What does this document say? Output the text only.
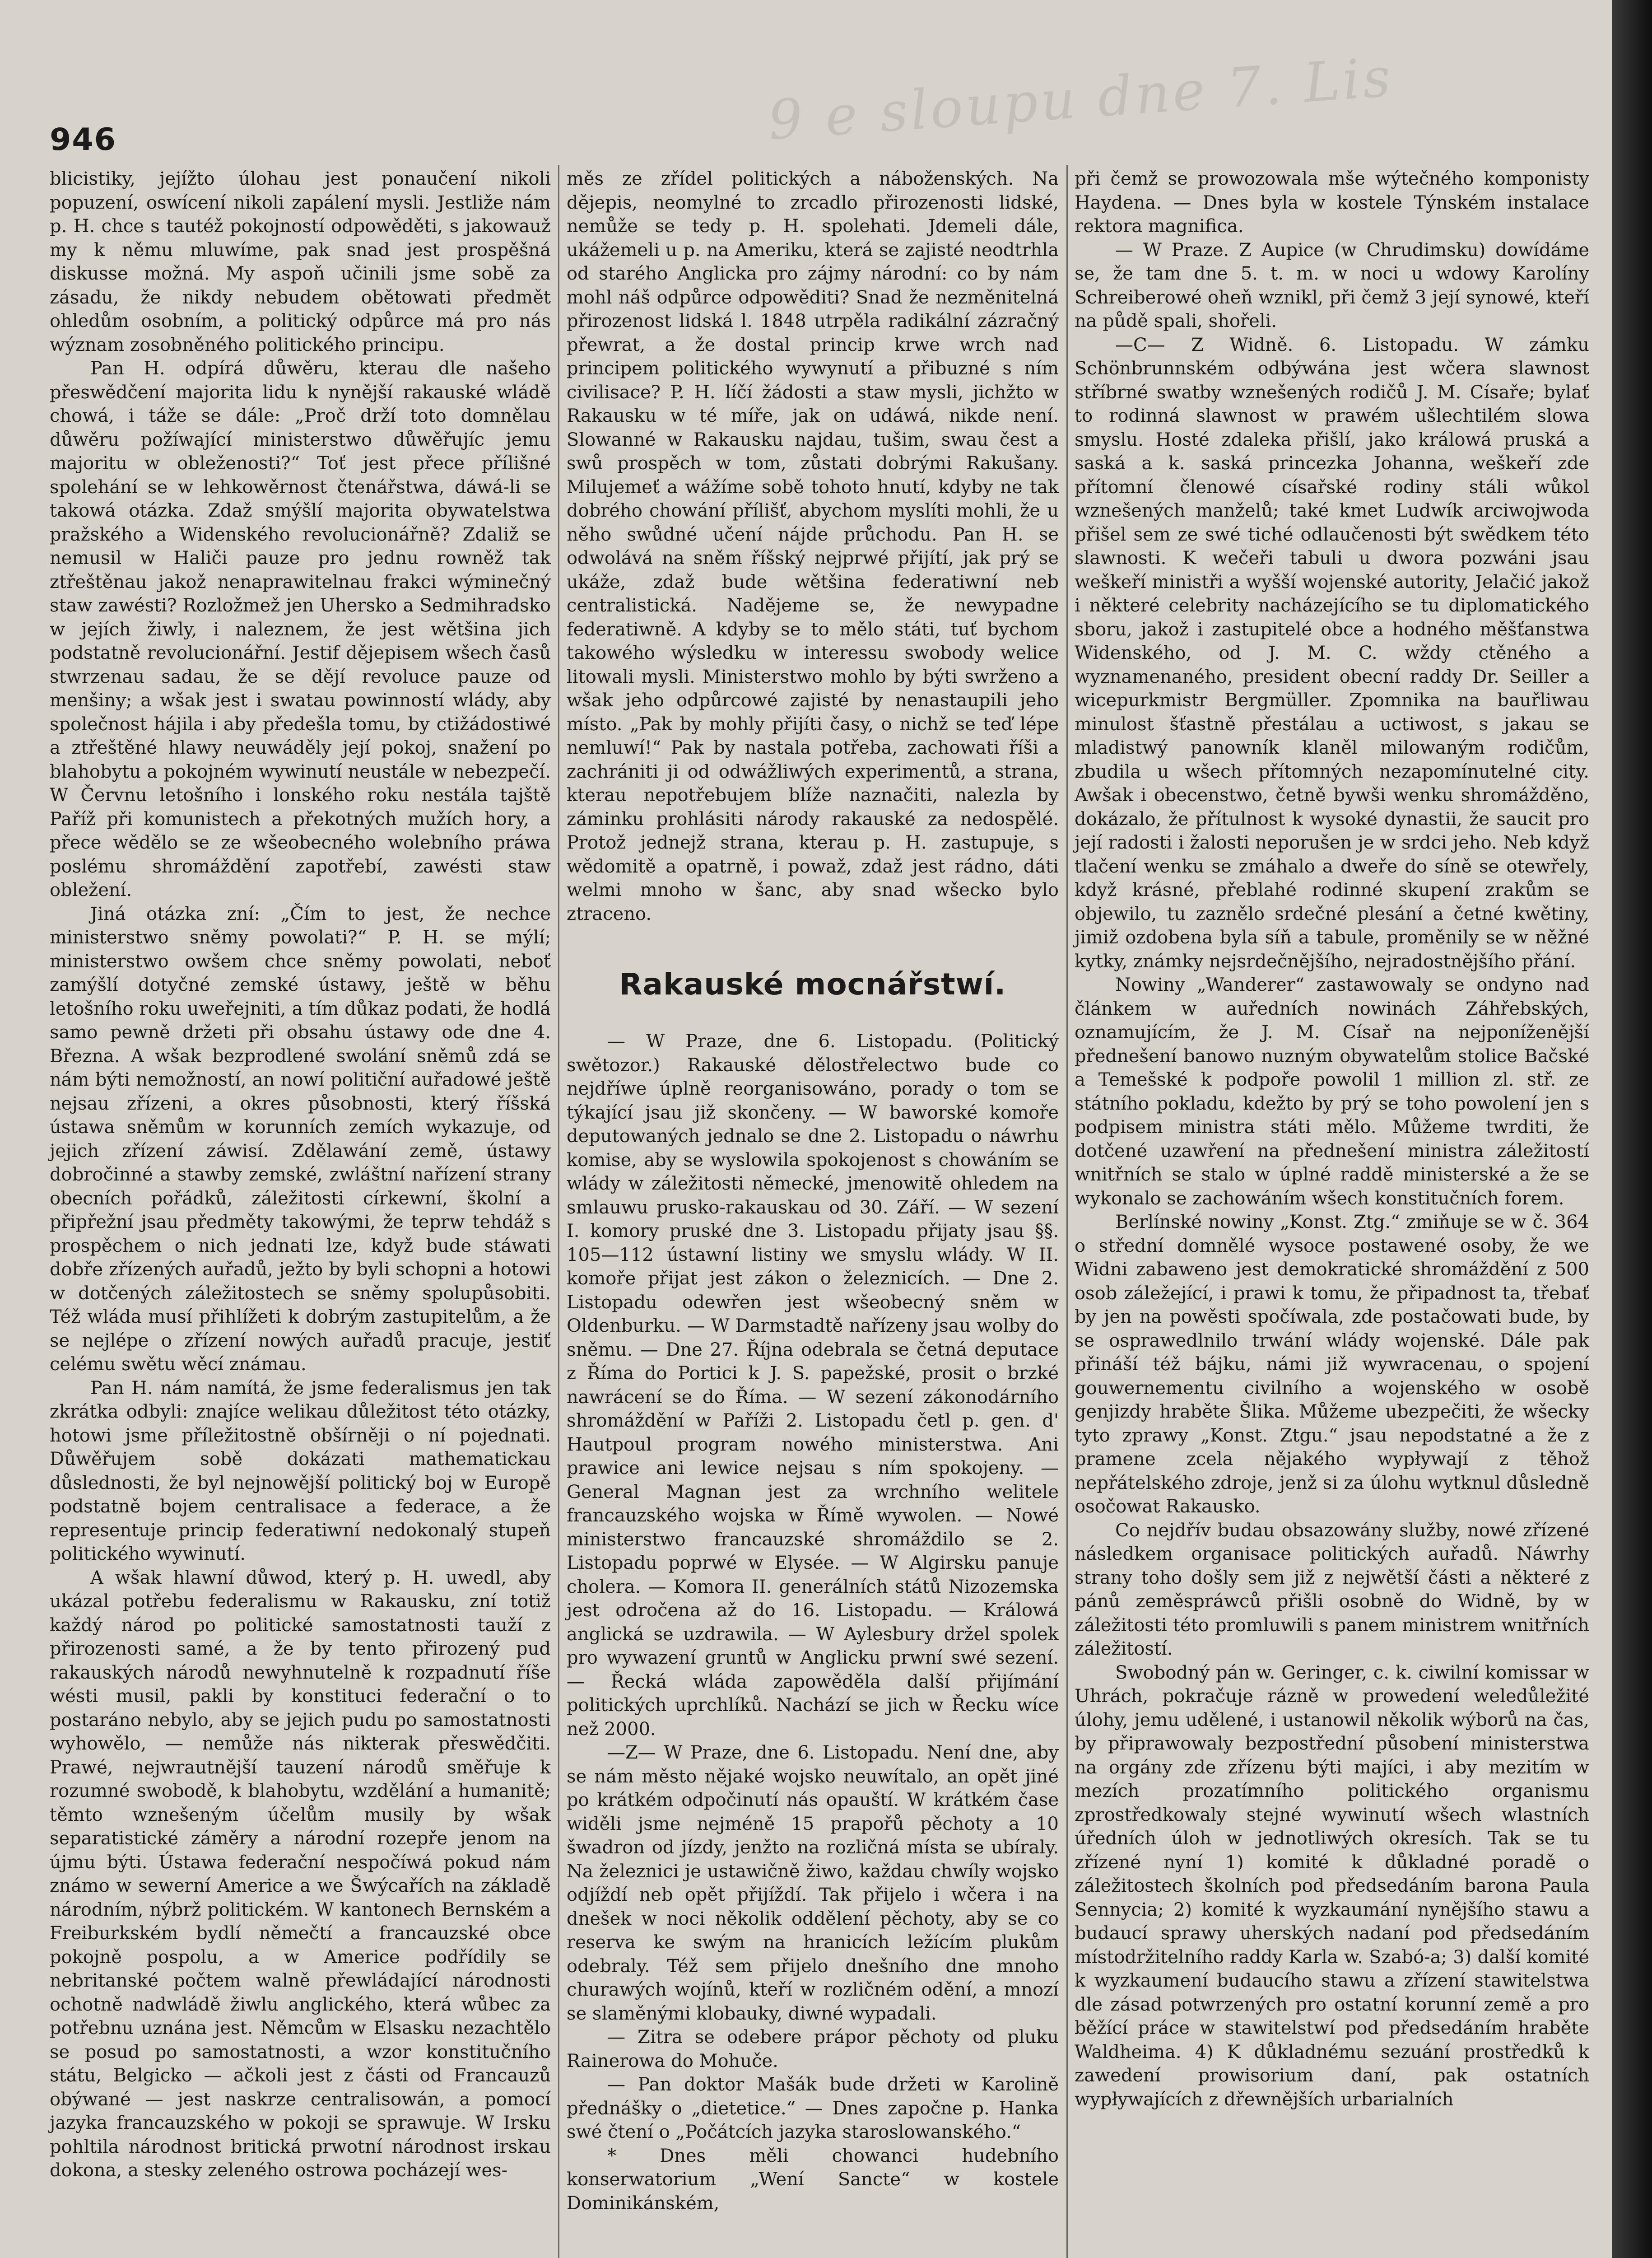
9 e sloupu dne 7. Lis
946

blicistiky, jejížto úlohau jest ponaučení nikoli popuzení, oswícení nikoli zapálení mysli. Jestliže nám p. H. chce s tautéž pokojností odpowěděti, s jakowauž my k němu mluwíme, pak snad jest prospěšná diskusse možná. My aspoň učinili jsme sobě za zásadu, že nikdy nebudem obětowati předmět ohledům osobním, a politický odpůrce má pro nás wýznam zosobněného politického principu.

Pan H. odpírá důwěru, kterau dle našeho přeswědčení majorita lidu k nynější rakauské wládě chowá, i táže se dále: „Proč drží toto domnělau důwěru požíwající ministerstwo důwěřujíc jemu majoritu w obleženosti?“ Toť jest přece přílišné spolehání se w lehkowěrnost čtenářstwa, dáwá-li se takowá otázka. Zdaž smýšlí majorita obywatelstwa pražského a Widenského revolucionářně? Zdaliž se nemusil w Haliči pauze pro jednu rowněž tak ztřeštěnau jakož nenaprawitelnau frakci wýminečný staw zawésti? Rozložmež jen Uhersko a Sedmihradsko w jejích žiwly, i naleznem, že jest wětšina jich podstatně revolucionářní. Jestif dějepisem wšech časů stwrzenau sadau, že se dějí revoluce pauze od menšiny; a wšak jest i swatau powinností wlády, aby společnost hájila i aby předešla tomu, by ctižádostiwé a ztřeštěné hlawy neuwáděly její pokoj, snažení po blahobytu a pokojném wywinutí neustále w nebezpečí. W Červnu letošního i lonského roku nestála tajště Paříž při komunistech a překotných mužích hory, a přece wědělo se ze wšeobecného wolebního práwa poslému shromáždění zapotřebí, zawésti staw obležení.

Jiná otázka zní: „Čím to jest, že nechce ministerstwo sněmy powolati?“ P. H. se mýlí; ministerstwo owšem chce sněmy powolati, neboť zamýšlí dotyčné zemské ústawy, ještě w běhu letošního roku uweřejniti, a tím důkaz podati, že hodlá samo pewně držeti při obsahu ústawy ode dne 4. Března. A wšak bezprodlené swolání sněmů zdá se nám býti nemožností, an nowí političní auřadowé ještě nejsau zřízeni, a okres působnosti, který říšská ústawa sněmům w korunních zemích wykazuje, od jejich zřízení záwisí. Zdělawání země, ústawy dobročinné a stawby zemské, zwláštní nařízení strany obecních pořádků, záležitosti církewní, školní a připřežní jsau předměty takowými, že teprw tehdáž s prospěchem o nich jednati lze, když bude stáwati dobře zřízených auřadů, ježto by byli schopni a hotowi w dotčených záležitostech se sněmy spolupůsobiti. Též wláda musí přihlížeti k dobrým zastupitelům, a že se nejlépe o zřízení nowých auřadů pracuje, jestiť celému swětu wěcí známau.

Pan H. nám namítá, že jsme federalismus jen tak zkrátka odbyli: znajíce welikau důležitost této otázky, hotowi jsme příležitostně obšírněji o ní pojednati. Důwěřujem sobě dokázati mathematickau důslednosti, že byl nejnowější politický boj w Europě podstatně bojem centralisace a federace, a že representuje princip federatiwní nedokonalý stupeň politického wywinutí.

A wšak hlawní důwod, který p. H. uwedl, aby ukázal potřebu federalismu w Rakausku, zní totiž každý národ po politické samostatnosti tauží z přirozenosti samé, a že by tento přirozený pud rakauských národů newyhnutelně k rozpadnutí říše wésti musil, pakli by konstituci federační o to postaráno nebylo, aby se jejich pudu po samostatnosti wyhowělo, — nemůže nás nikterak přeswědčiti. Prawé, nejwrautnější tauzení národů směřuje k rozumné swobodě, k blahobytu, wzdělání a humanitě; těmto wznešeným účelům musily by wšak separatistické záměry a národní rozepře jenom na újmu býti. Ústawa federační nespočíwá pokud nám známo w sewerní Americe a we Šwýcařích na základě národním, nýbrž politickém. W kantonech Bernském a Freiburkském bydlí němečtí a francauzské obce pokojně pospolu, a w Americe podřídily se nebritanské počtem walně přewládající národnosti ochotně nadwládě žiwlu anglického, která wůbec za potřebnu uznána jest. Němcům w Elsasku nezachtělo se posud po samostatnosti, a wzor konstitučního státu, Belgicko — ačkoli jest z části od Francauzů obýwané — jest naskrze centralisowán, a pomocí jazyka francauzského w pokoji se sprawuje. W Irsku pohltila národnost britická prwotní národnost irskau dokona, a stesky zeleného ostrowa pocházejí wes-

měs ze zřídel politických a náboženských. Na dějepis, neomylné to zrcadlo přirozenosti lidské, nemůže se tedy p. H. spolehati. Jdemeli dále, ukážemeli u p. na Ameriku, která se zajisté neodtrhla od starého Anglicka pro zájmy národní: co by nám mohl náš odpůrce odpowěditi? Snad že nezměnitelná přirozenost lidská l. 1848 utrpěla radikální zázračný přewrat, a že dostal princip krwe wrch nad principem politického wywynutí a přibuzné s ním civilisace? P. H. líčí žádosti a staw mysli, jichžto w Rakausku w té míře, jak on udáwá, nikde není. Slowanné w Rakausku najdau, tušim, swau čest a swů prospěch w tom, zůstati dobrými Rakušany. Milujemeť a wážíme sobě tohoto hnutí, kdyby ne tak dobrého chowání přílišť, abychom myslíti mohli, že u něho swůdné učení nájde průchodu. Pan H. se odwolává na sněm říšský nejprwé přijítí, jak prý se ukáže, zdaž bude wětšina federatiwní neb centralistická. Nadějeme se, že newypadne federatiwně. A kdyby se to mělo státi, tuť bychom takowého wýsledku w interessu swobody welice litowali mysli. Ministerstwo mohlo by býti swrženo a wšak jeho odpůrcowé zajisté by nenastaupili jeho místo. „Pak by mohly přijíti časy, o nichž se teď lépe nemluwí!“ Pak by nastala potřeba, zachowati říši a zachrániti ji od odwážliwých experimentů, a strana, kterau nepotřebujem blíže naznačiti, nalezla by záminku prohlásiti národy rakauské za nedospělé. Protož jednejž strana, kterau p. H. zastupuje, s wědomitě a opatrně, i powaž, zdaž jest rádno, dáti welmi mnoho w šanc, aby snad wšecko bylo ztraceno.

Rakauské mocnářstwí.

— W Praze, dne 6. Listopadu. (Politický swětozor.) Rakauské dělostřelectwo bude co nejdříwe úplně reorganisowáno, porady o tom se týkající jsau již skončeny. — W baworské komoře deputowaných jednalo se dne 2. Listopadu o náwrhu komise, aby se wyslowila spokojenost s chowáním se wlády w záležitosti německé, jmenowitě ohledem na smlauwu prusko-rakauskau od 30. Září. — W sezení I. komory pruské dne 3. Listopadu přijaty jsau §§. 105—112 ústawní listiny we smyslu wlády. W II. komoře přijat jest zákon o železnicích. — Dne 2. Listopadu odewřen jest wšeobecný sněm w Oldenburku. — W Darmstadtě nařízeny jsau wolby do sněmu. — Dne 27. Října odebrala se četná deputace z Říma do Portici k J. S. papežské, prosit o brzké nawrácení se do Říma. — W sezení zákonodárního shromáždění w Paříži 2. Listopadu četl p. gen. d' Hautpoul program nowého ministerstwa. Ani prawice ani lewice nejsau s ním spokojeny. — General Magnan jest za wrchního welitele francauzského wojska w Římě wywolen. — Nowé ministerstwo francauzské shromáždilo se 2. Listopadu poprwé w Elysée. — W Algirsku panuje cholera. — Komora II. generálních států Nizozemska jest odročena až do 16. Listopadu. — Králowá anglická se uzdrawila. — W Aylesbury držel spolek pro wywazení gruntů w Anglicku prwní swé sezení. — Řecká wláda zapowěděla další přijímání politických uprchlíků. Nachází se jich w Řecku wíce než 2000.

—Z— W Praze, dne 6. Listopadu. Není dne, aby se nám město nějaké wojsko neuwítalo, an opět jiné po krátkém odpočinutí nás opauští. W krátkém čase widěli jsme nejméně 15 prapořů pěchoty a 10 šwadron od jízdy, jenžto na rozličná místa se ubíraly. Na železnici je ustawičně žiwo, každau chwíly wojsko odjíždí neb opět přijíždí. Tak přijelo i wčera i na dnešek w noci několik oddělení pěchoty, aby se co reserva ke swým na hranicích ležícím plukům odebraly. Též sem přijelo dnešního dne mnoho churawých wojínů, kteří w rozličném odění, a mnozí se slaměnými klobauky, diwné wypadali.

— Zitra se odebere prápor pěchoty od pluku Rainerowa do Mohuče.

— Pan doktor Mašák bude držeti w Karolině přednášky o „dietetice.“ — Dnes započne p. Hanka swé čtení o „Počátcích jazyka staroslowanského.“

* Dnes měli chowanci hudebního konserwatorium „Wení Sancte“ w kostele Dominikánském,

při čemž se prowozowala mše wýtečného komponisty Haydena. — Dnes byla w kostele Týnském instalace rektora magnifica.

— W Praze. Z Aupice (w Chrudimsku) dowídáme se, že tam dne 5. t. m. w noci u wdowy Karolíny Schreiberowé oheň wznikl, při čemž 3 její synowé, kteří na půdě spali, shořeli.

—C— Z Widně. 6. Listopadu. W zámku Schönbrunnském odbýwána jest wčera slawnost stříbrné swatby wznešených rodičů J. M. Císaře; bylať to rodinná slawnost w prawém ušlechtilém slowa smyslu. Hosté zdaleka přišlí, jako králowá pruská a saská a k. saská princezka Johanna, weškeří zde přítomní členowé císařské rodiny stáli wůkol wznešených manželů; také kmet Ludwík arciwojwoda přišel sem ze swé tiché odlaučenosti být swědkem této slawnosti. K wečeři tabuli u dwora pozwáni jsau weškeří ministři a wyšší wojenské autority, Jelačić jakož i některé celebrity nacházejícího se tu diplomatického sboru, jakož i zastupitelé obce a hodného měšťanstwa Widenského, od J. M. C. wždy ctěného a wyznamenaného, president obecní raddy Dr. Seiller a wicepurkmistr Bergmüller. Zpomnika na bauřliwau minulost šťastně přestálau a uctiwost, s jakau se mladistwý panowník klaněl milowaným rodičům, zbudila u wšech přítomných nezapomínutelné city. Awšak i obecenstwo, četně bywši wenku shromážděno, dokázalo, že přítulnost k wysoké dynastii, že saucit pro její radosti i žalosti neporušen je w srdci jeho. Neb když tlačení wenku se zmáhalo a dweře do síně se otewřely, když krásné, přeblahé rodinné skupení zrakům se objewilo, tu zaznělo srdečné plesání a četné kwětiny, jimiž ozdobena byla síň a tabule, proměnily se w něžné kytky, známky nejsrdečnějšího, nejradostnějšího přání.

Nowiny „Wanderer“ zastawowaly se ondyno nad článkem w auředních nowinách Záhřebských, oznamujícím, že J. M. Císař na nejponíženější přednešení banowo nuzným obywatelům stolice Bačské a Temešské k podpoře powolil 1 million zl. stř. ze státního pokladu, kdežto by prý se toho powolení jen s podpisem ministra státi mělo. Můžeme twrditi, že dotčené uzawření na přednešení ministra záležitostí wnitřních se stalo w úplné raddě ministerské a že se wykonalo se zachowáním wšech konstitučních forem.

Berlínské nowiny „Konst. Ztg.“ zmiňuje se w č. 364 o střední domnělé wysoce postawené osoby, že we Widni zabaweno jest demokratické shromáždění z 500 osob záležející, i prawi k tomu, že připadnost ta, třebať by jen na powěsti spočíwala, zde postačowati bude, by se osprawedlnilo trwání wlády wojenské. Dále pak přináší též bájku, námi již wywracenau, o spojení gouwernementu civilního a wojenského w osobě genjizdy hraběte Šlika. Můžeme ubezpečiti, že wšecky tyto zprawy „Konst. Ztgu.“ jsau nepodstatné a že z pramene zcela nějakého wypływají z těhož nepřátelského zdroje, jenž si za úlohu wytknul důsledně osočowat Rakausko.

Co nejdřív budau obsazowány služby, nowé zřízené následkem organisace politických auřadů. Náwrhy strany toho došly sem již z nejwětší části a některé z pánů zeměspráwců přišli osobně do Widně, by w záležitosti této promluwili s panem ministrem wnitřních záležitostí.

Swobodný pán w. Geringer, c. k. ciwilní komissar w Uhrách, pokračuje rázně w prowedení weledůležité úlohy, jemu udělené, i ustanowil několik wýborů na čas, by připrawowaly bezpostřední působení ministerstwa na orgány zde zřízenu býti majíci, i aby mezitím w mezích prozatímního politického organismu zprostředkowaly stejné wywinutí wšech wlastních úředních úloh w jednotliwých okresích. Tak se tu zřízené nyní 1) komité k důkladné poradě o záležitostech školních pod předsedáním barona Paula Sennycia; 2) komité k wyzkaumání nynějšího stawu a budaucí sprawy uherských nadaní pod předsedáním místodržitelního raddy Karla w. Szabó-a; 3) další komité k wyzkaumení budaucího stawu a zřízení stawitelstwa dle zásad potwrzených pro ostatní korunní země a pro běžící práce w stawitelstwí pod předsedáním hraběte Waldheima. 4) K důkladnému sezuání prostředků k zawedení prowisorium daní, pak ostatních wypływajících z dřewnějších urbarialních
